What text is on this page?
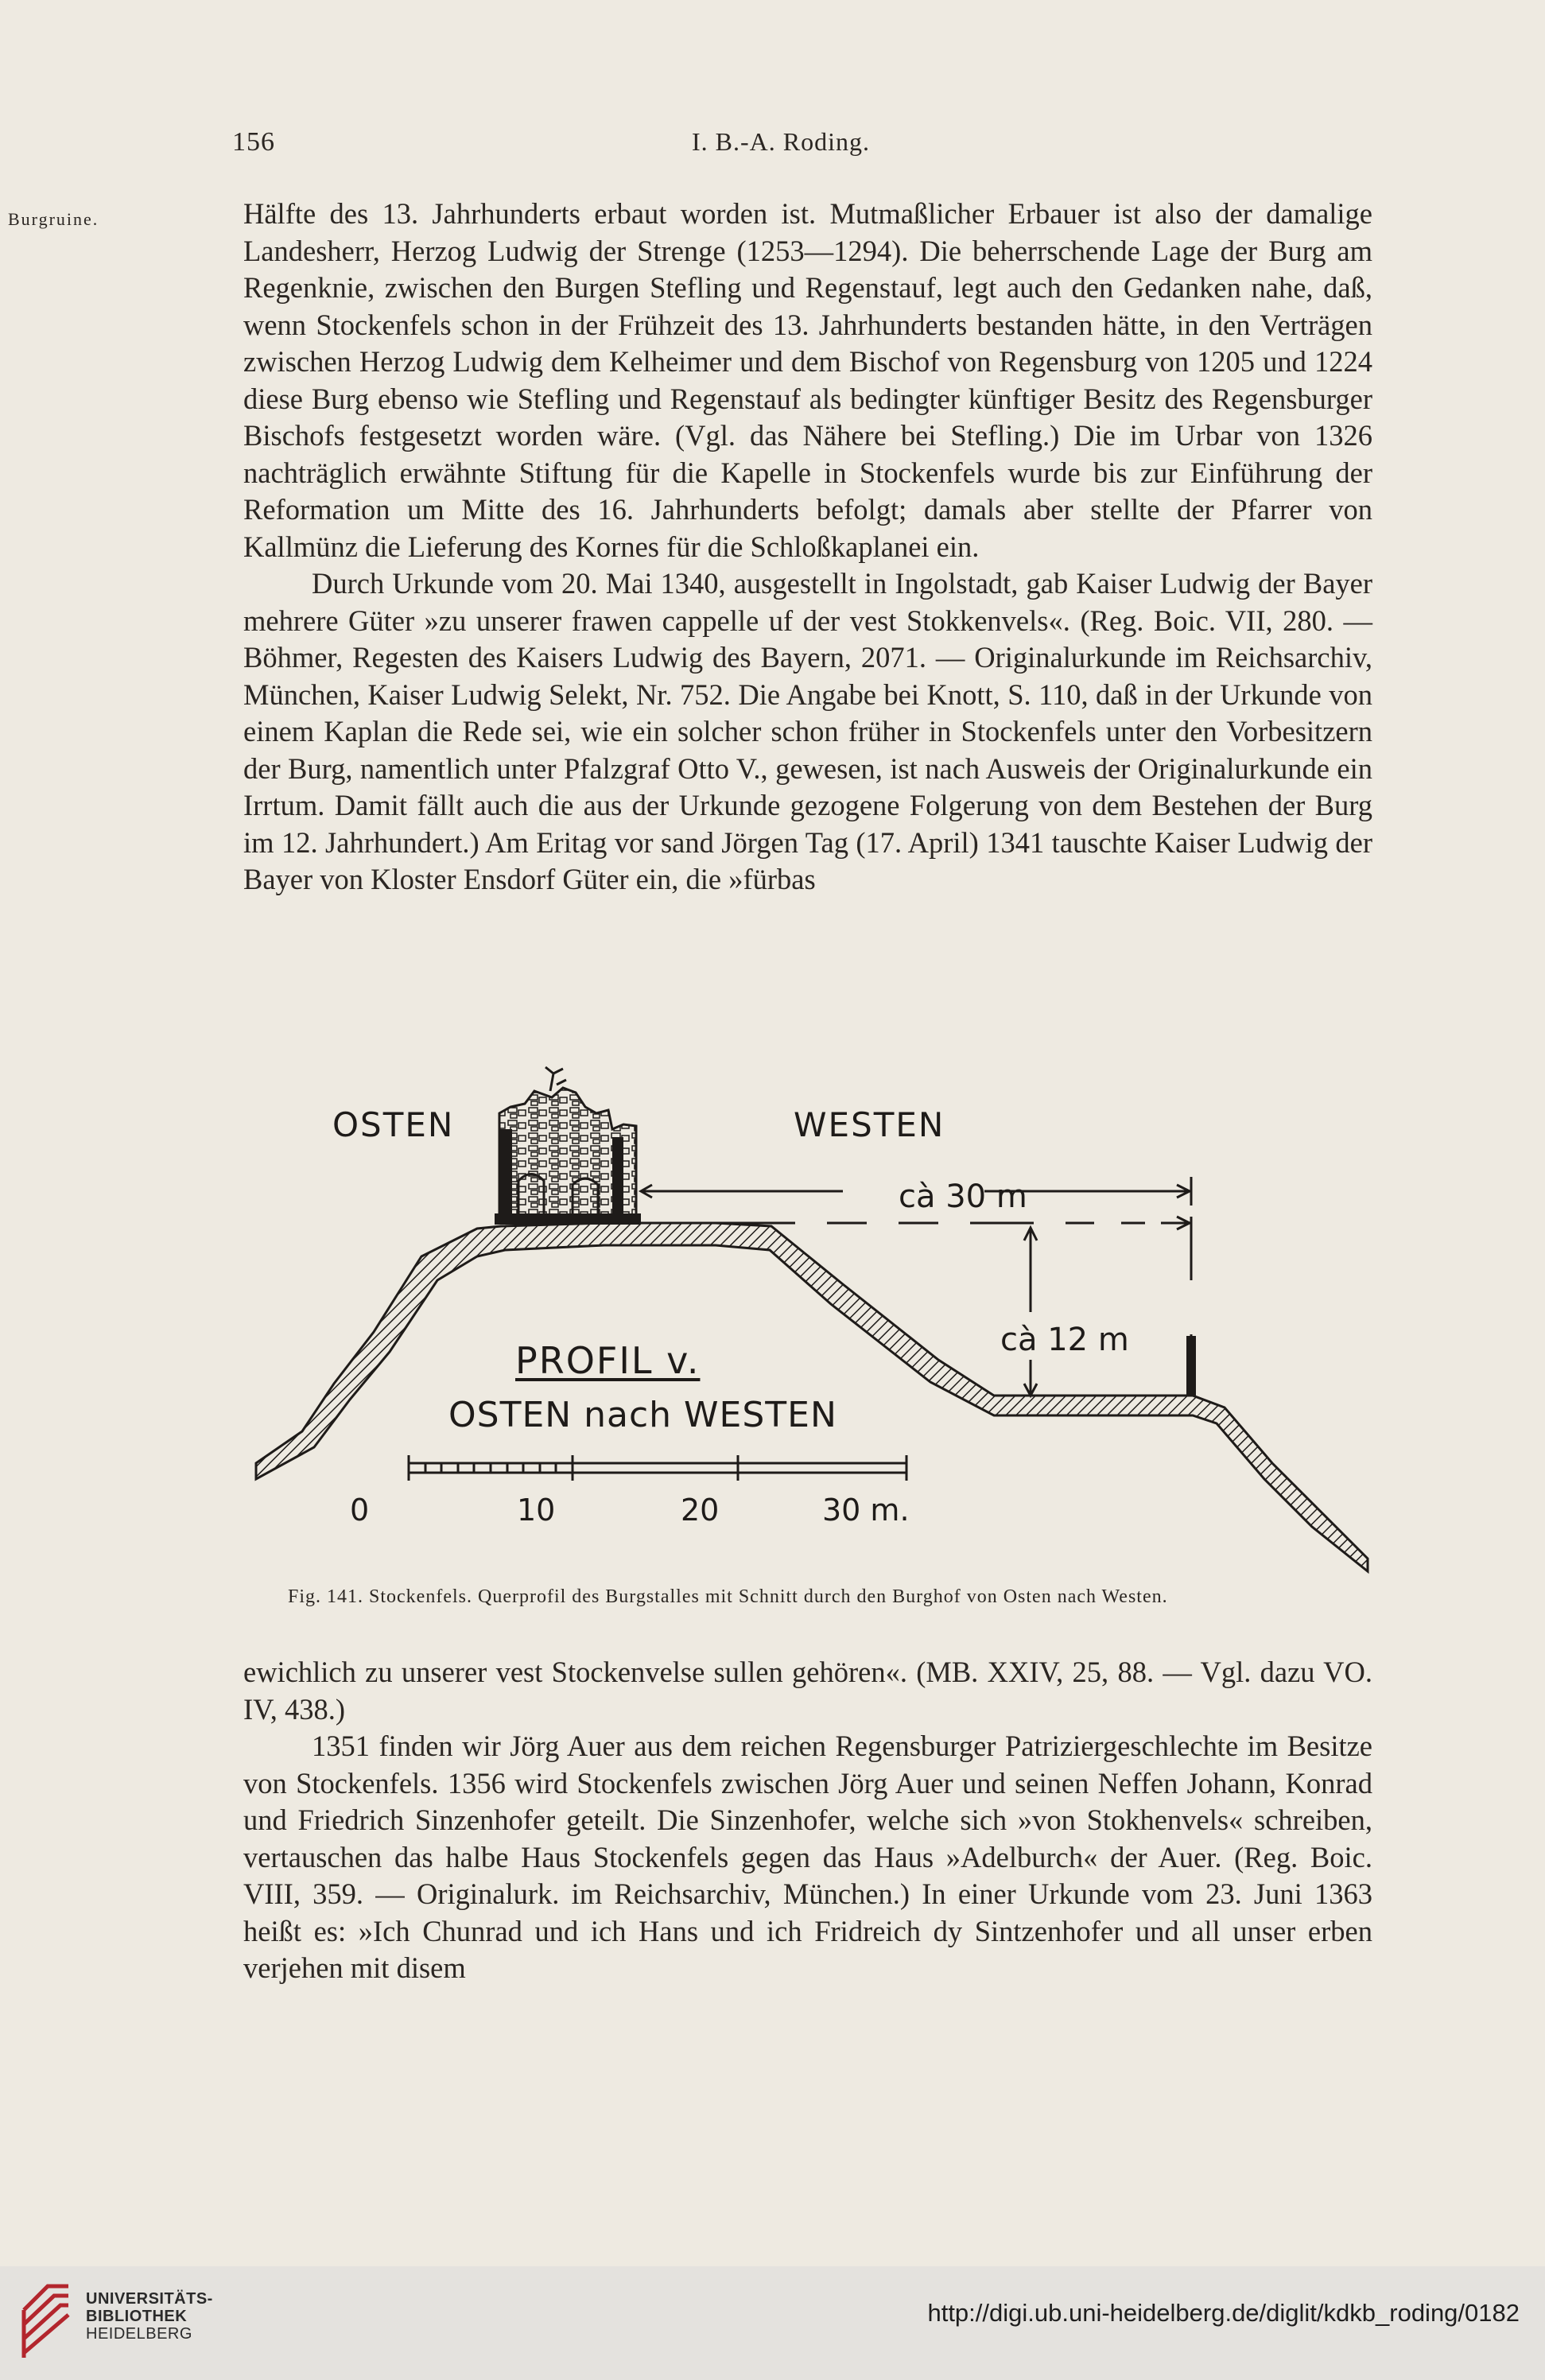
156	I. B.-A. Roding.
Burgruine.	Hälfte des 13. Jahrhunderts erbaut worden ist. Mutmaßlicher Erbauer ist also der damalige Landesherr, Herzog Ludwig der Strenge (1253—1294). Die beherrschende Lage der Burg am Regenknie, zwischen den Burgen Stefling und Regenstauf, legt auch den Gedanken nahe, daß, wenn Stockenfels schon in der Frühzeit des 13. Jahrhunderts bestanden hätte, in den Verträgen zwischen Herzog Ludwig dem Kelheimer und dem Bischof von Regensburg von 1205 und 1224 diese Burg ebenso wie Stefling und Regenstauf als bedingter künftiger Besitz des Regensburger Bischofs festgesetzt worden wäre. (Vgl. das Nähere bei Stefling.) Die im Urbar von 1326 nachträglich erwähnte Stiftung für die Kapelle in Stockenfels wurde bis zur Einführung der Reformation um Mitte des 16. Jahrhunderts befolgt; damals aber stellte der Pfarrer von Kallmünz die Lieferung des Kornes für die Schloßkaplanei ein.

Durch Urkunde vom 20. Mai 1340, ausgestellt in Ingolstadt, gab Kaiser Ludwig der Bayer mehrere Güter »zu unserer frawen cappelle uf der vest Stokkenvels«. (Reg. Boic. VII, 280. — Böhmer, Regesten des Kaisers Ludwig des Bayern, 2071. — Originalurkunde im Reichsarchiv, München, Kaiser Ludwig Selekt, Nr. 752. Die Angabe bei Knott, S. 110, daß in der Urkunde von einem Kaplan die Rede sei, wie ein solcher schon früher in Stockenfels unter den Vorbesitzern der Burg, namentlich unter Pfalzgraf Otto V., gewesen, ist nach Ausweis der Originalurkunde ein Irrtum. Damit fällt auch die aus der Urkunde gezogene Folgerung von dem Bestehen der Burg im 12. Jahrhundert.) Am Eritag vor sand Jörgen Tag (17. April) 1341 tauschte Kaiser Ludwig der Bayer von Kloster Ensdorf Güter ein, die »fürbas

OSTEN	WESTEN
cà 30 m
cà 12 m
PROFIL v.
OSTEN nach WESTEN
0	10	20	30 m.
Fig. 141. Stockenfels. Querprofil des Burgstalles mit Schnitt durch den Burghof von Osten nach Westen.

ewichlich zu unserer vest Stockenvelse sullen gehören«. (MB. XXIV, 25, 88. — Vgl. dazu VO. IV, 438.)

1351 finden wir Jörg Auer aus dem reichen Regensburger Patriziergeschlechte im Besitze von Stockenfels. 1356 wird Stockenfels zwischen Jörg Auer und seinen Neffen Johann, Konrad und Friedrich Sinzenhofer geteilt. Die Sinzenhofer, welche sich »von Stokhenvels« schreiben, vertauschen das halbe Haus Stockenfels gegen das Haus »Adelburch« der Auer. (Reg. Boic. VIII, 359. — Originalurk. im Reichsarchiv, München.) In einer Urkunde vom 23. Juni 1363 heißt es: »Ich Chunrad und ich Hans und ich Fridreich dy Sintzenhofer und all unser erben verjehen mit disem

UNIVERSITÄTS-
BIBLIOTHEK
HEIDELBERG
http://digi.ub.uni-heidelberg.de/diglit/kdkb_roding/0182
